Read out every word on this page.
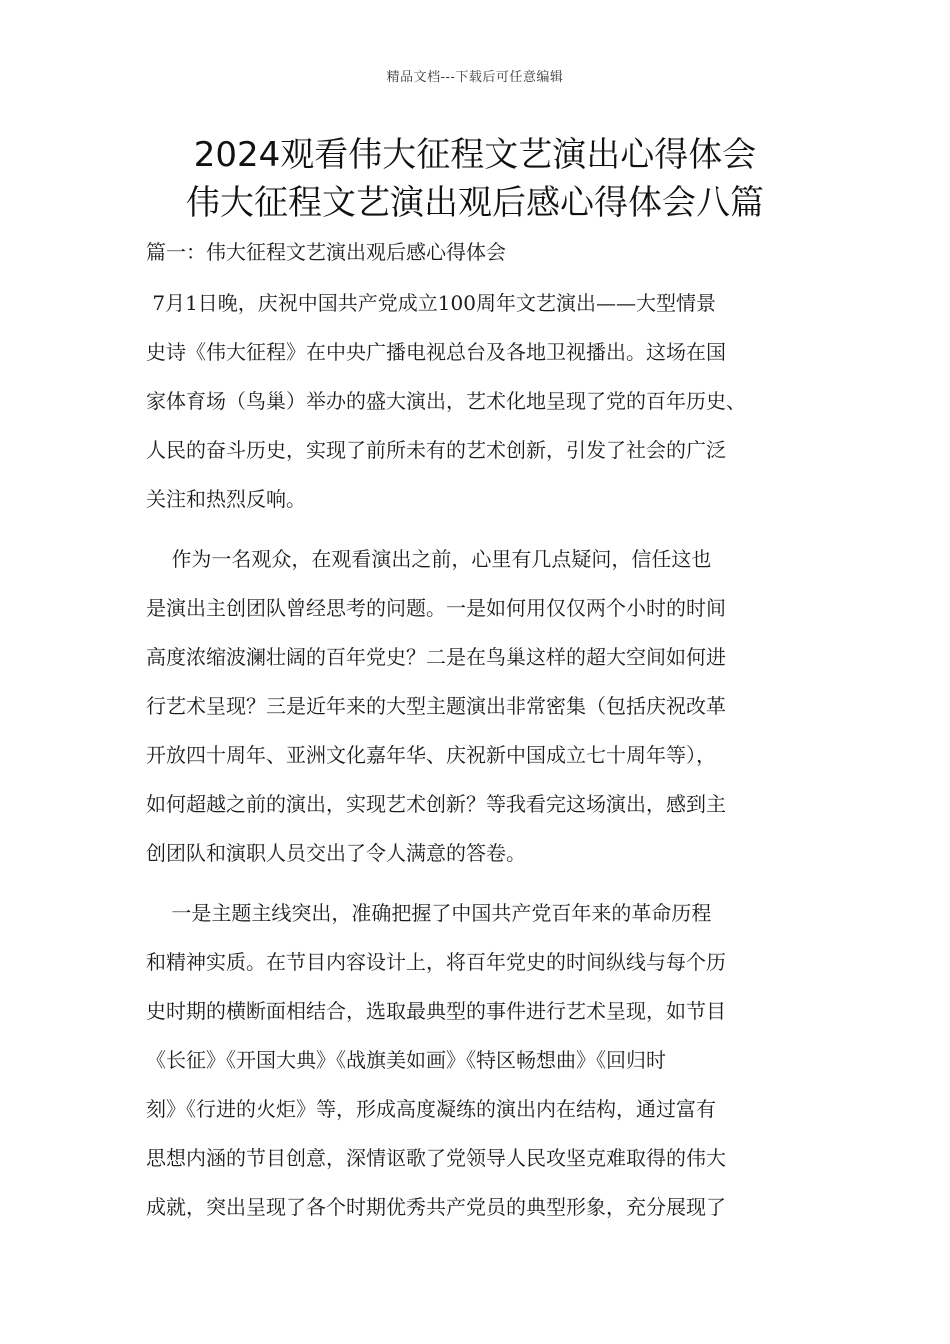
精品文档---下载后可任意编辑
2024观看伟大征程文艺演出心得体会
伟大征程文艺演出观后感心得体会八篇
篇一：伟大征程文艺演出观后感心得体会
7月1日晚，庆祝中国共产党成立100周年文艺演出——大型情景
史诗《伟大征程》在中央广播电视总台及各地卫视播出。这场在国
家体育场（鸟巢）举办的盛大演出，艺术化地呈现了党的百年历史、
人民的奋斗历史，实现了前所未有的艺术创新，引发了社会的广泛
关注和热烈反响。
作为一名观众，在观看演出之前，心里有几点疑问，信任这也
是演出主创团队曾经思考的问题。一是如何用仅仅两个小时的时间
高度浓缩波澜壮阔的百年党史？二是在鸟巢这样的超大空间如何进
行艺术呈现？三是近年来的大型主题演出非常密集（包括庆祝改革
开放四十周年、亚洲文化嘉年华、庆祝新中国成立七十周年等），
如何超越之前的演出，实现艺术创新？等我看完这场演出，感到主
创团队和演职人员交出了令人满意的答卷。
一是主题主线突出，准确把握了中国共产党百年来的革命历程
和精神实质。在节目内容设计上，将百年党史的时间纵线与每个历
史时期的横断面相结合，选取最典型的事件进行艺术呈现，如节目
《长征》《开国大典》《战旗美如画》《特区畅想曲》《回归时
刻》《行进的火炬》等，形成高度凝练的演出内在结构，通过富有
思想内涵的节目创意，深情讴歌了党领导人民攻坚克难取得的伟大
成就，突出呈现了各个时期优秀共产党员的典型形象，充分展现了
